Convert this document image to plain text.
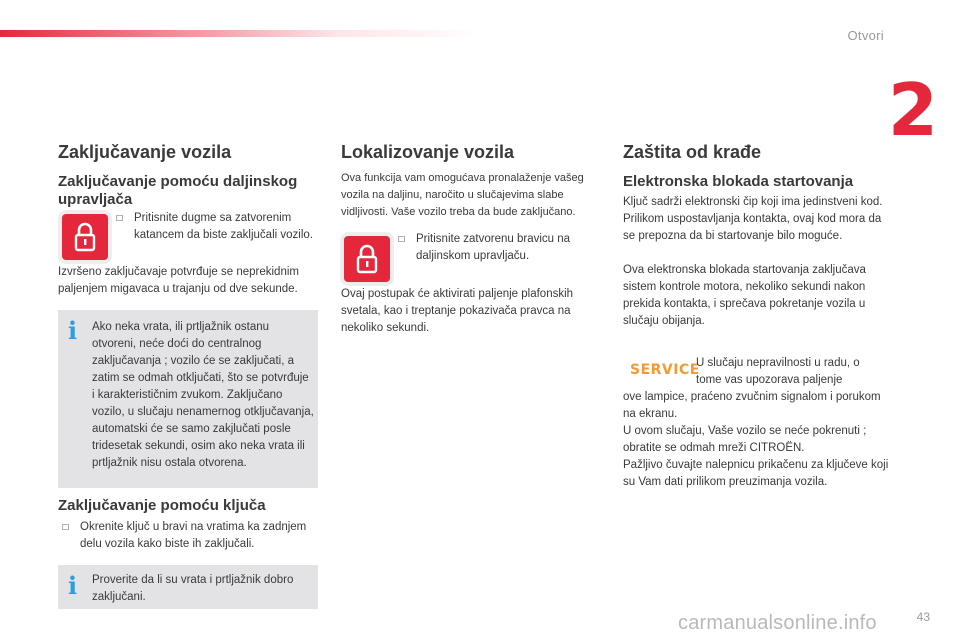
Otvori
2
43
Zaključavanje vozila
Zaključavanje pomoću daljinskog upravljača
☐ Pritisnite dugme sa zatvorenim katancem da biste zaključali vozilo.
Izvršeno zaključavaje potvrđuje se neprekidnim paljenjem migavaca u trajanju od dve sekunde.
i Ako neka vrata, ili prtljažnik ostanu otvoreni, neće doći do centralnog zaključavanja ; vozilo će se zaključati, a zatim se odmah otključati, što se potvrđuje i karakterističnim zvukom. Zaključano vozilo, u slučaju nenamernog otključavanja, automatski će se samo zakjlučati posle tridesetak sekundi, osim ako neka vrata ili prtljažnik nisu ostala otvorena.
Zaključavanje pomoću ključa
☐ Okrenite ključ u bravi na vratima ka zadnjem delu vozila kako biste ih zaključali.
i Proverite da li su vrata i prtljažnik dobro zaključani.
Lokalizovanje vozila
Ova funkcija vam omogućava pronalaženje vašeg vozila na daljinu, naročito u slučajevima slabe vidljivosti. Vaše vozilo treba da bude zaključano.
☐ Pritisnite zatvorenu bravicu na daljinskom upravljaču.
Ovaj postupak će aktivirati paljenje plafonskih svetala, kao i treptanje pokazivača pravca na nekoliko sekundi.
Zaštita od krađe
Elektronska blokada startovanja
Ključ sadrži elektronski čip koji ima jedinstveni kod. Prilikom uspostavljanja kontakta, ovaj kod mora da se prepozna da bi startovanje bilo moguće.
Ova elektronska blokada startovanja zaključava sistem kontrole motora, nekoliko sekundi nakon prekida kontakta, i sprečava pokretanje vozila u slučaju obijanja.
SERVICE
U slučaju nepravilnosti u radu, o tome vas upozorava paljenje
ove lampice, praćeno zvučnim signalom i porukom na ekranu.
U ovom slučaju, Vaše vozilo se neće pokrenuti ; obratite se odmah mreži CITROËN.
Pažljivo čuvajte nalepnicu prikačenu za ključeve koji su Vam dati prilikom preuzimanja vozila.
carmanualsonline.info
